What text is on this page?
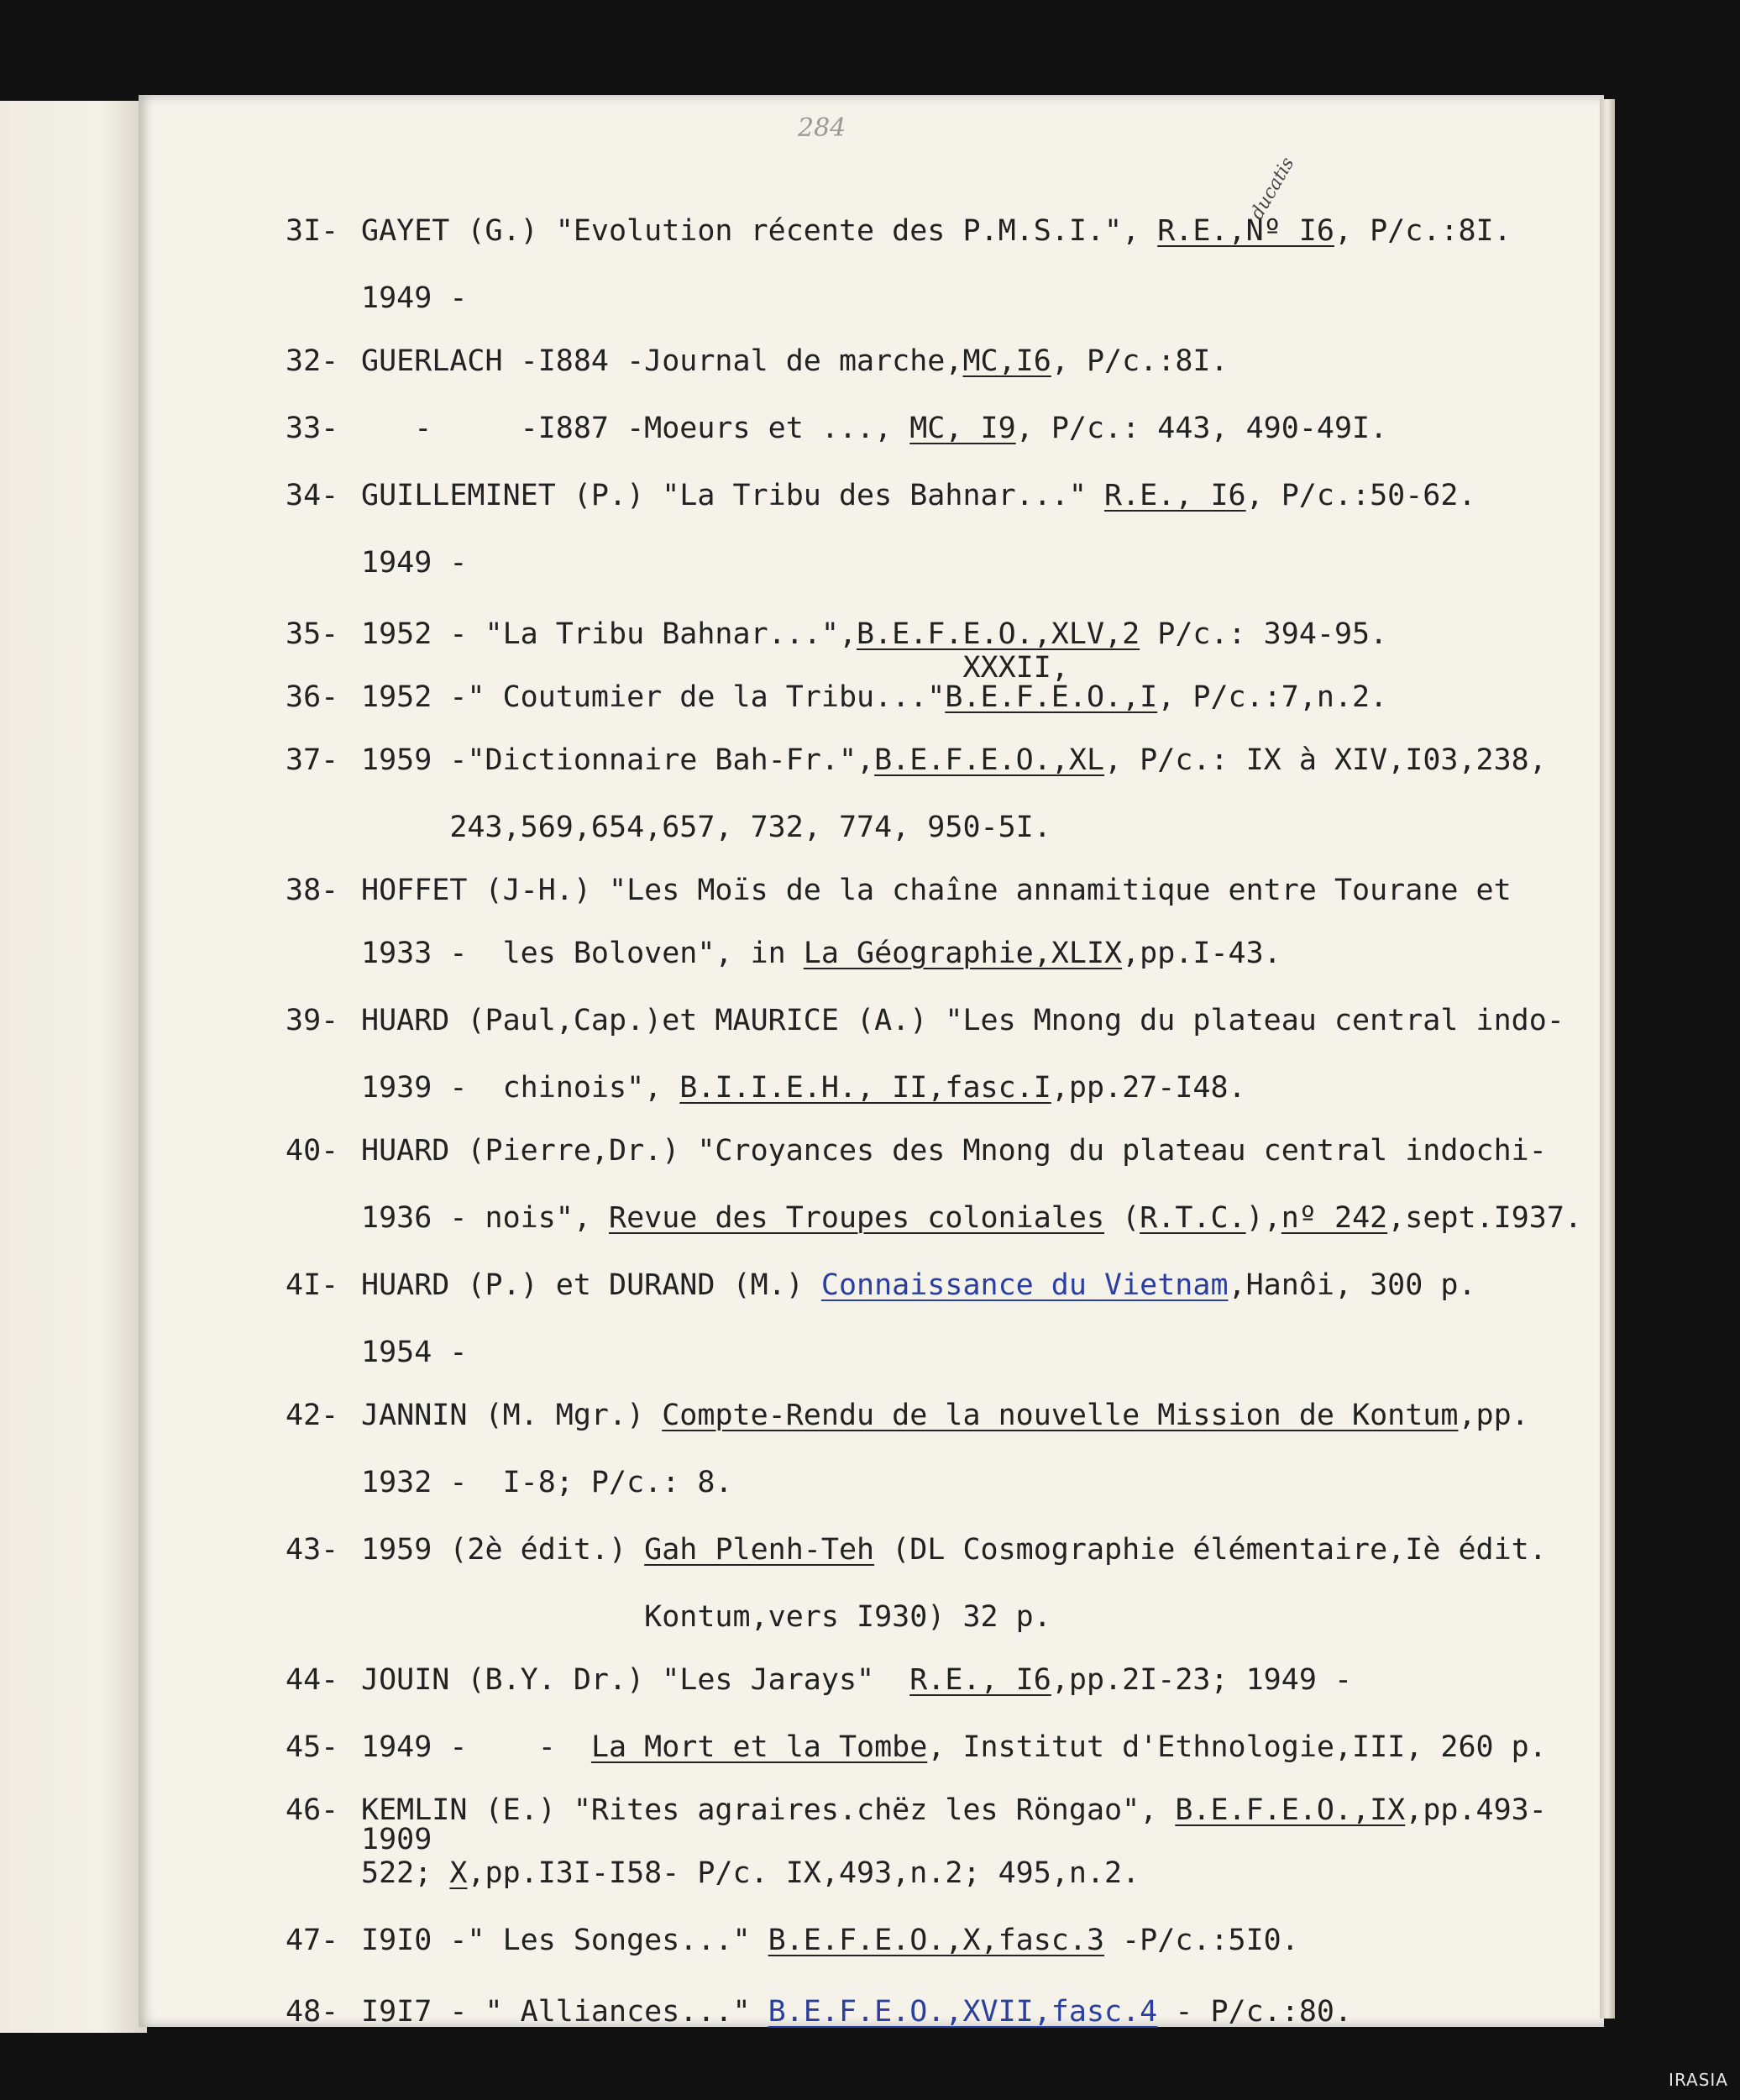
284
ducatis
3I- GAYET (G.) "Evolution récente des P.M.S.I.", R.E.,Nº I6, P/c.:8I.
1949 -
32- GUERLACH -I884 -Journal de marche,MC,I6, P/c.:8I.
33- -     -I887 -Moeurs et ..., MC, I9, P/c.: 443, 490-49I.
34- GUILLEMINET (P.) "La Tribu des Bahnar..." R.E., I6, P/c.:50-62.
1949 -
35- 1952 - "La Tribu Bahnar...",B.E.F.E.O.,XLV,2 P/c.: 394-95.
XXXII,
36- 1952 -" Coutumier de la Tribu..."B.E.F.E.O.,I, P/c.:7,n.2.
37- 1959 -"Dictionnaire Bah-Fr.",B.E.F.E.O.,XL, P/c.: IX à XIV,I03,238,
243,569,654,657, 732, 774, 950-5I.
38- HOFFET (J-H.) "Les Moïs de la chaîne annamitique entre Tourane et
1933 -  les Boloven", in La Géographie,XLIX,pp.I-43.
39- HUARD (Paul,Cap.)et MAURICE (A.) "Les Mnong du plateau central indo-
1939 -  chinois", B.I.I.E.H., II,fasc.I,pp.27-I48.
40- HUARD (Pierre,Dr.) "Croyances des Mnong du plateau central indochi-
1936 - nois", Revue des Troupes coloniales (R.T.C.),nº 242,sept.I937.
4I- HUARD (P.) et DURAND (M.) Connaissance du Vietnam,Hanôi, 300 p.
1954 -
42- JANNIN (M. Mgr.) Compte-Rendu de la nouvelle Mission de Kontum,pp.
1932 -  I-8; P/c.: 8.
43- 1959 (2è édit.) Gah Plenh-Teh (DL Cosmographie élémentaire,Iè édit.
Kontum,vers I930) 32 p.
44- JOUIN (B.Y. Dr.) "Les Jarays"  R.E., I6,pp.2I-23; 1949 -
45- 1949 -    -  La Mort et la Tombe, Institut d'Ethnologie,III, 260 p.
46- KEMLIN (E.) "Rites agraires.chëz les Röngao", B.E.F.E.O.,IX,pp.493-
1909
522; X,pp.I3I-I58- P/c. IX,493,n.2; 495,n.2.
47- I9I0 -" Les Songes..." B.E.F.E.O.,X,fasc.3 -P/c.:5I0.
48- I9I7 - " Alliances..." B.E.F.E.O.,XVII,fasc.4 - P/c.:80.
IRASIA
